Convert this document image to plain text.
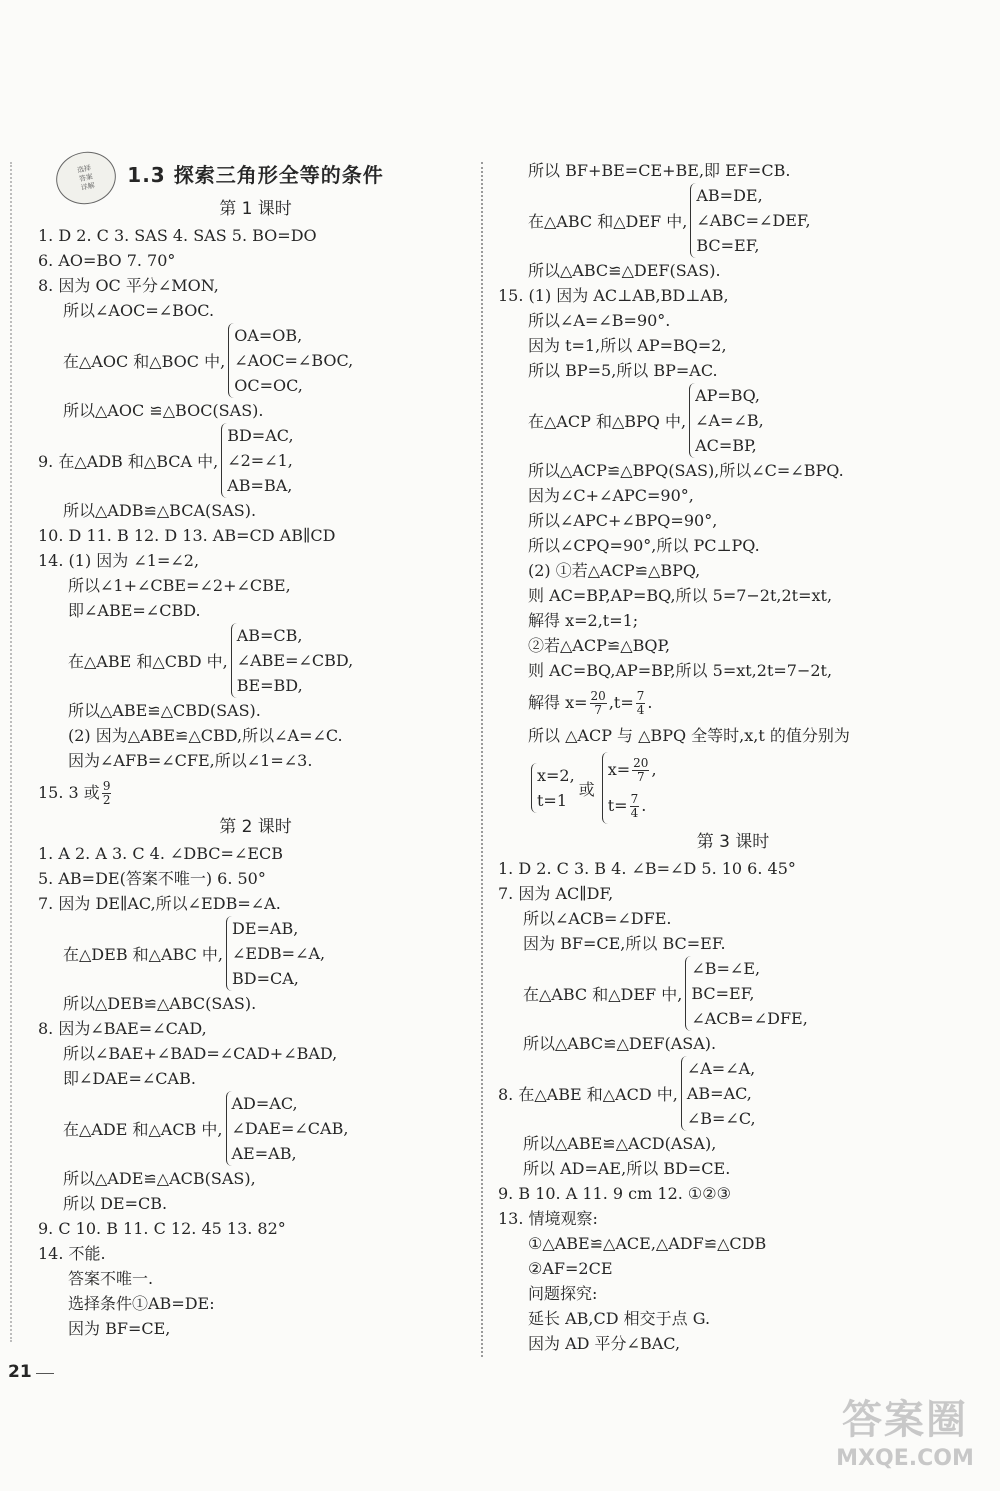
选择
答案
详解	1.3 探索三角形全等的条件
第 1 课时
1. D 2. C 3. SAS 4. SAS 5. BO=DO
6. AO=BO 7. 70°
8. 因为 OC 平分∠MON,
所以∠AOC=∠BOC.
在△AOC 和△BOC 中,
OA=OB,
∠AOC=∠BOC,
OC=OC,
所以△AOC ≌△BOC(SAS).
9. 在△ADB 和△BCA 中,
BD=AC,
∠2=∠1,
AB=BA,
所以△ADB≌△BCA(SAS).
10. D 11. B 12. D 13. AB=CD AB∥CD
14. (1) 因为 ∠1=∠2,
所以∠1+∠CBE=∠2+∠CBE,
即∠ABE=∠CBD.
在△ABE 和△CBD 中,
AB=CB,
∠ABE=∠CBD,
BE=BD,
所以△ABE≌△CBD(SAS).
(2) 因为△ABE≌△CBD,所以∠A=∠C.
因为∠AFB=∠CFE,所以∠1=∠3.
15. 3 或 $\frac{9}{2}$
第 2 课时
1. A 2. A 3. C 4. ∠DBC=∠ECB
5. AB=DE(答案不唯一) 6. 50°
7. 因为 DE∥AC,所以∠EDB=∠A.
在△DEB 和△ABC 中,
DE=AB,
∠EDB=∠A,
BD=CA,
所以△DEB≌△ABC(SAS).
8. 因为∠BAE=∠CAD,
所以∠BAE+∠BAD=∠CAD+∠BAD,
即∠DAE=∠CAB.
在△ADE 和△ACB 中,
AD=AC,
∠DAE=∠CAB,
AE=AB,
所以△ADE≌△ACB(SAS),
所以 DE=CB.
9. C 10. B 11. C 12. 45 13. 82°
14. 不能.
答案不唯一.
选择条件①AB=DE:
因为 BF=CE,
所以 BF+BE=CE+BE,即 EF=CB.
在△ABC 和△DEF 中,
AB=DE,
∠ABC=∠DEF,
BC=EF,
所以△ABC≌△DEF(SAS).
15. (1) 因为 AC⊥AB,BD⊥AB,
所以∠A=∠B=90°.
因为 t=1,所以 AP=BQ=2,
所以 BP=5,所以 BP=AC.
在△ACP 和△BPQ 中,
AP=BQ,
∠A=∠B,
AC=BP,
所以△ACP≌△BPQ(SAS),所以∠C=∠BPQ.
因为∠C+∠APC=90°,
所以∠APC+∠BPQ=90°,
所以∠CPQ=90°,所以 PC⊥PQ.
(2) ①若△ACP≌△BPQ,
则 AC=BP,AP=BQ,所以 5=7−2t,2t=xt,
解得 x=2,t=1;
②若△ACP≌△BQP,
则 AC=BQ,AP=BP,所以 5=xt,2t=7−2t,
解得 $x= \frac{20}{7} ,t= \frac{7}{4}$ .
所以 △ACP 与 △BPQ 全等时,x,t 的值分别为
x=2,
t=1
或
$x= \frac{20}{7}$ ,
$t= \frac{7}{4}$ .
第 3 课时
1. D 2. C 3. B 4. ∠B=∠D 5. 10 6. 45°
7. 因为 AC∥DF,
所以∠ACB=∠DFE.
因为 BF=CE,所以 BC=EF.
在△ABC 和△DEF 中,
∠B=∠E,
BC=EF,
∠ACB=∠DFE,
所以△ABC≌△DEF(ASA).
8. 在△ABE 和△ACD 中,
∠A=∠A,
AB=AC,
∠B=∠C,
所以△ABE≌△ACD(ASA),
所以 AD=AE,所以 BD=CE.
9. B 10. A 11. 9 cm 12. ①②③
13. 情境观察:
①△ABE≌△ACE,△ADF≌△CDB
②AF=2CE
问题探究:
延长 AB,CD 相交于点 G.
因为 AD 平分∠BAC,
21
答案圈
MXQE.COM
